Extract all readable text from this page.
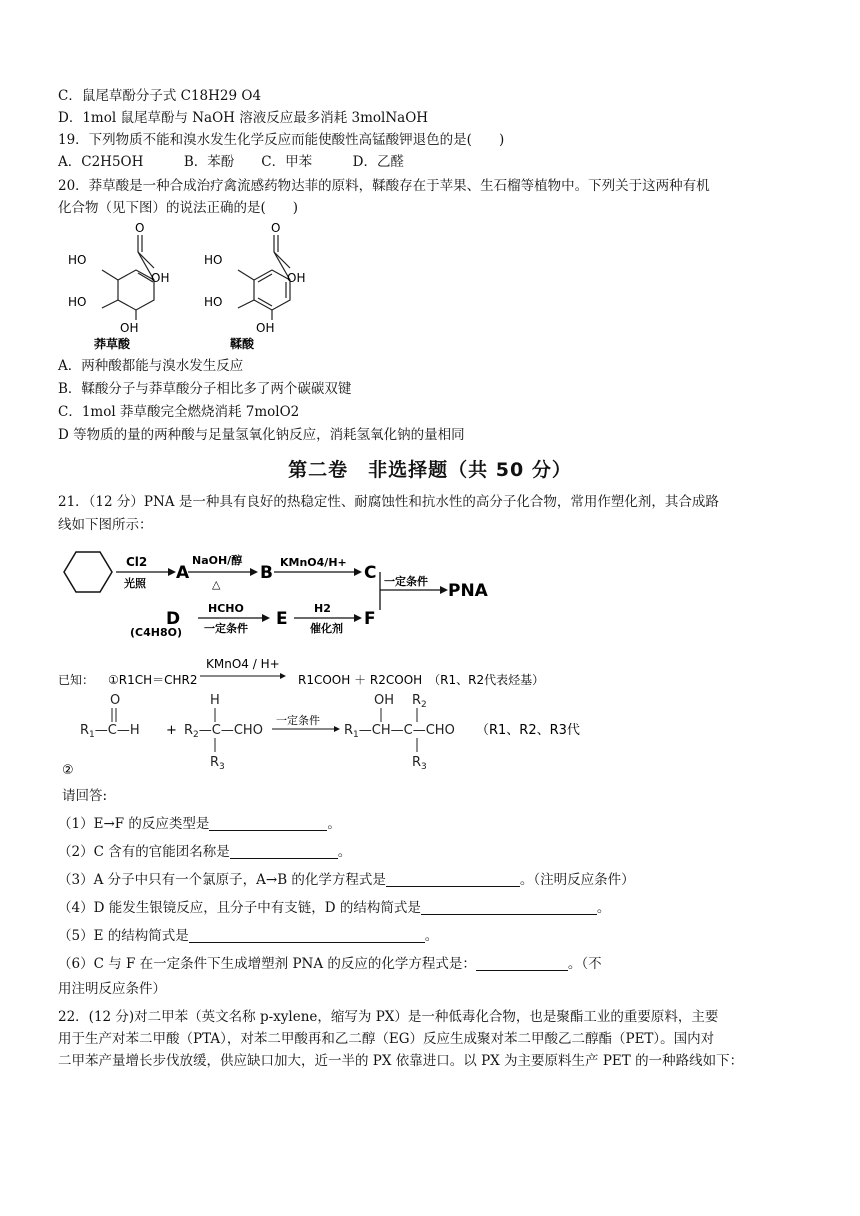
C．鼠尾草酚分子式 C18H29 O4
D．1mol 鼠尾草酚与 NaOH 溶液反应最多消耗 3molNaOH
19．下列物质不能和溴水发生化学反应而能使酸性高锰酸钾退色的是(　　)
A．C2H5OH　　　B．苯酚　　C．甲苯　　　D．乙醛
20．莽草酸是一种合成治疗禽流感药物达菲的原料，鞣酸存在于苹果、生石榴等植物中。下列关于这两种有机
化合物（见下图）的说法正确的是(　　)
O
OH
HO
HO
OH
莽草酸
O
OH
HO
HO
OH
鞣酸
A．两种酸都能与溴水发生反应
B．鞣酸分子与莽草酸分子相比多了两个碳碳双键
C．1mol 莽草酸完全燃烧消耗 7molO2
D 等物质的量的两种酸与足量氢氧化钠反应，消耗氢氧化钠的量相同
第二卷　非选择题（共 50 分）
21．（12 分）PNA 是一种具有良好的热稳定性、耐腐蚀性和抗水性的高分子化合物，常用作塑化剂，其合成路
线如下图所示：
Cl2
光照
NaOH/醇
△
KMnO4/H+
一定条件
HCHO
一定条件
H2
催化剂
(C4H8O)
A	B	C
D	E	F
PNA
已知： ①R1CH＝CHR2
KMnO4 / H+
R1COOH ＋ R2COOH　（R1、R2代表烃基）
$R_1—C—H$
O
+ $R_2—C—CHO$
H
$R_3$
一定条件
$R_1—CH—C—CHO$
OH $R_2$
$R_3$
（R1、R2、R3代
②
请回答:
（1）E→F 的反应类型是	。
（2）C 含有的官能团名称是	。
（3）A 分子中只有一个氯原子，A→B 的化学方程式是	。（注明反应条件）
（4）D 能发生银镜反应，且分子中有支链，D 的结构简式是	。
（5）E 的结构简式是	。
（6）C 与 F 在一定条件下生成增塑剂 PNA 的反应的化学方程式是：	。（不
用注明反应条件）
22．(12 分)对二甲苯（英文名称 p-xylene，缩写为 PX）是一种低毒化合物，也是聚酯工业的重要原料，主要
用于生产对苯二甲酸（PTA），对苯二甲酸再和乙二醇（EG）反应生成聚对苯二甲酸乙二醇酯（PET）。国内对
二甲苯产量增长步伐放缓，供应缺口加大，近一半的 PX 依靠进口。以 PX 为主要原料生产 PET 的一种路线如下：
